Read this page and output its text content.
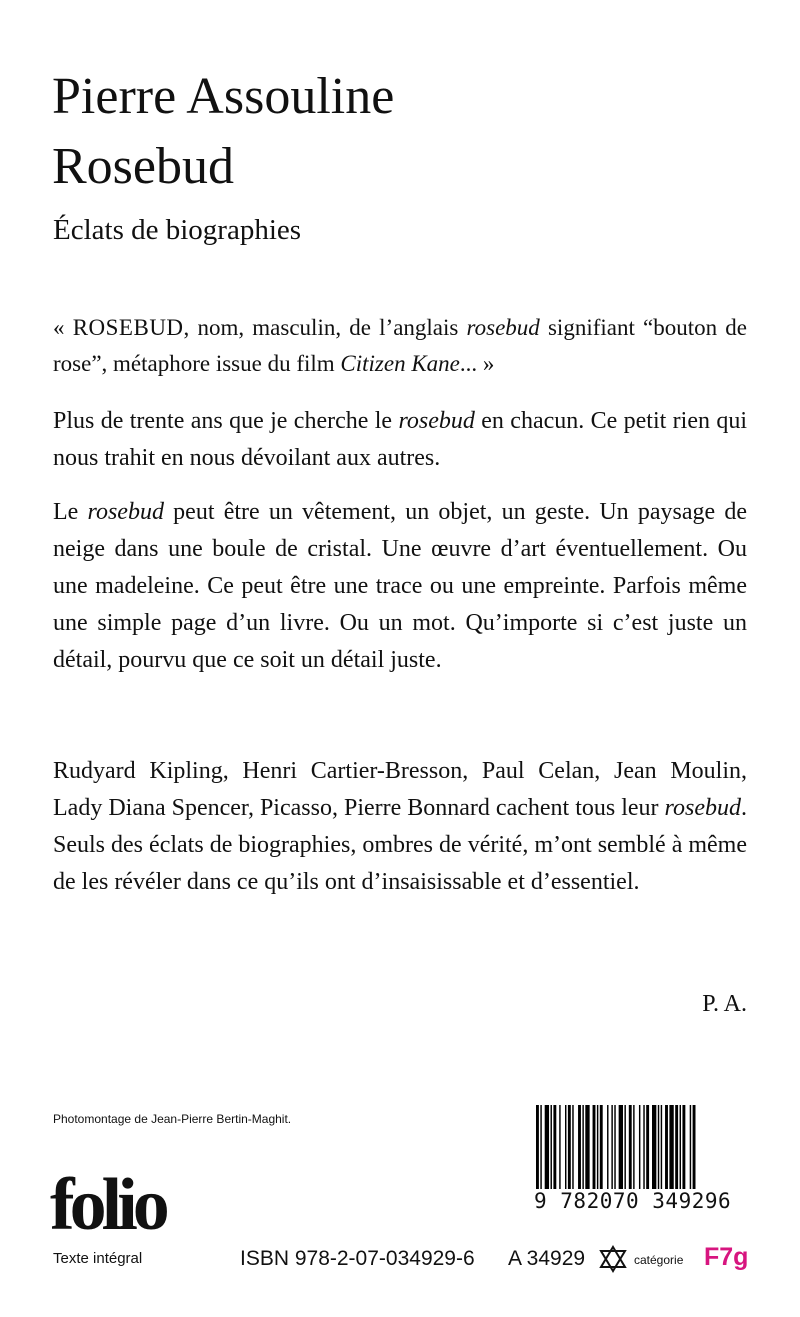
Pierre Assouline
Rosebud
Éclats de biographies

« ROSEBUD, nom, masculin, de l’anglais rosebud signifiant “bouton de rose”, métaphore issue du film Citizen Kane... »

Plus de trente ans que je cherche le rosebud en chacun. Ce petit rien qui nous trahit en nous dévoilant aux autres.

Le rosebud peut être un vêtement, un objet, un geste. Un paysage de neige dans une boule de cristal. Une œuvre d’art éventuellement. Ou une madeleine. Ce peut être une trace ou une empreinte. Parfois même une simple page d’un livre. Ou un mot. Qu’importe si c’est juste un détail, pourvu que ce soit un détail juste.

Rudyard Kipling, Henri Cartier-Bresson, Paul Celan, Jean Moulin, Lady Diana Spencer, Picasso, Pierre Bonnard cachent tous leur rosebud. Seuls des éclats de biographies, ombres de vérité, m’ont semblé à même de les révéler dans ce qu’ils ont d’insaisissable et d’essentiel.

P. A.
Photomontage de Jean-Pierre Bertin-Maghit.
9 782070 349296
folio
Texte intégral	ISBN 978-2-07-034929-6 A 34929	catégorie F7g
